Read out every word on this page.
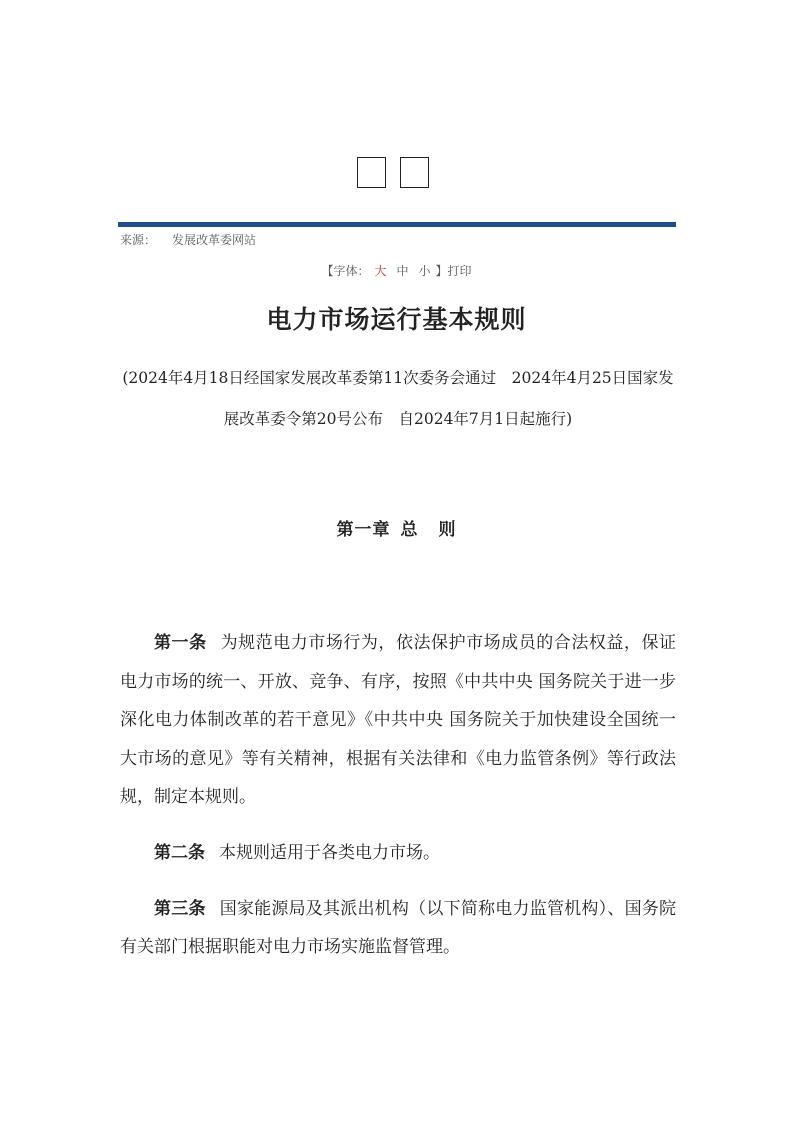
来源： 发展改革委网站
【字体： 大 中 小 】打印
电力市场运行基本规则
(2024年4月18日经国家发展改革委第11次委务会通过　2024年4月25日国家发展改革委令第20号公布　自2024年7月1日起施行)
第一章 总 则

第一条 为规范电力市场行为，依法保护市场成员的合法权益，保证电力市场的统一、开放、竞争、有序，按照《中共中央 国务院关于进一步深化电力体制改革的若干意见》《中共中央 国务院关于加快建设全国统一大市场的意见》等有关精神，根据有关法律和《电力监管条例》等行政法规，制定本规则。

第二条 本规则适用于各类电力市场。

第三条 国家能源局及其派出机构（以下简称电力监管机构）、国务院有关部门根据职能对电力市场实施监督管理。
